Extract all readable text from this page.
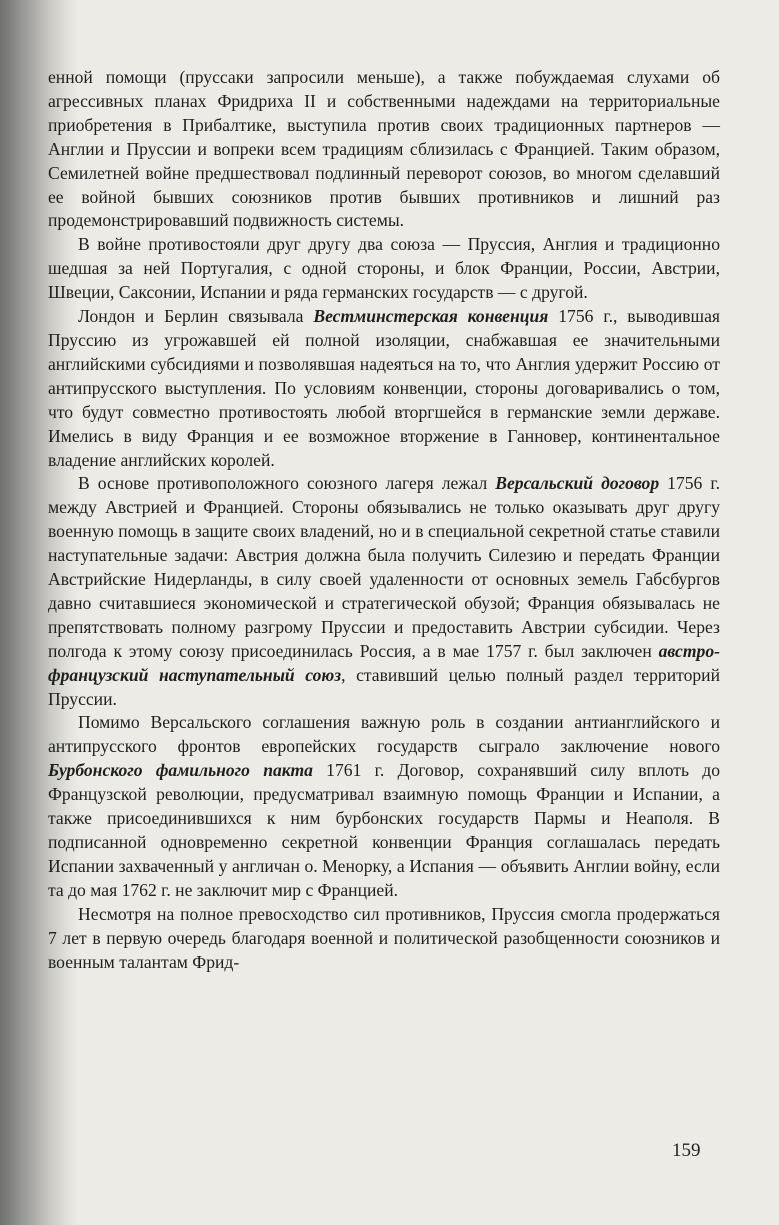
енной помощи (пруссаки запросили меньше), а также побуждаемая слухами об агрессивных планах Фридриха II и собственными надеждами на территориальные приобретения в Прибалтике, выступила против своих традиционных партнеров — Англии и Пруссии и вопреки всем традициям сблизилась с Францией. Таким образом, Семилетней войне предшествовал подлинный переворот союзов, во многом сделавший ее войной бывших союзников против бывших противников и лишний раз продемонстрировавший подвижность системы.

В войне противостояли друг другу два союза — Пруссия, Англия и традиционно шедшая за ней Португалия, с одной стороны, и блок Франции, России, Австрии, Швеции, Саксонии, Испании и ряда германских государств — с другой.

Лондон и Берлин связывала Вестминстерская конвенция 1756 г., выводившая Пруссию из угрожавшей ей полной изоляции, снабжавшая ее значительными английскими субсидиями и позволявшая надеяться на то, что Англия удержит Россию от антипрусского выступления. По условиям конвенции, стороны договаривались о том, что будут совместно противостоять любой вторгшейся в германские земли державе. Имелись в виду Франция и ее возможное вторжение в Ганновер, континентальное владение английских королей.

В основе противоположного союзного лагеря лежал Версальский договор 1756 г. между Австрией и Францией. Стороны обязывались не только оказывать друг другу военную помощь в защите своих владений, но и в специальной секретной статье ставили наступательные задачи: Австрия должна была получить Силезию и передать Франции Австрийские Нидерланды, в силу своей удаленности от основных земель Габсбургов давно считавшиеся экономической и стратегической обузой; Франция обязывалась не препятствовать полному разгрому Пруссии и предоставить Австрии субсидии. Через полгода к этому союзу присоединилась Россия, а в мае 1757 г. был заключен австро-французский наступательный союз, ставивший целью полный раздел территорий Пруссии.

Помимо Версальского соглашения важную роль в создании антианглийского и антипрусского фронтов европейских государств сыграло заключение нового Бурбонского фамильного пакта 1761 г. Договор, сохранявший силу вплоть до Французской революции, предусматривал взаимную помощь Франции и Испании, а также присоединившихся к ним бурбонских государств Пармы и Неаполя. В подписанной одновременно секретной конвенции Франция соглашалась передать Испании захваченный у англичан о. Менорку, а Испания — объявить Англии войну, если та до мая 1762 г. не заключит мир с Францией.

Несмотря на полное превосходство сил противников, Пруссия смогла продержаться 7 лет в первую очередь благодаря военной и политической разобщенности союзников и военным талантам Фрид-

159
